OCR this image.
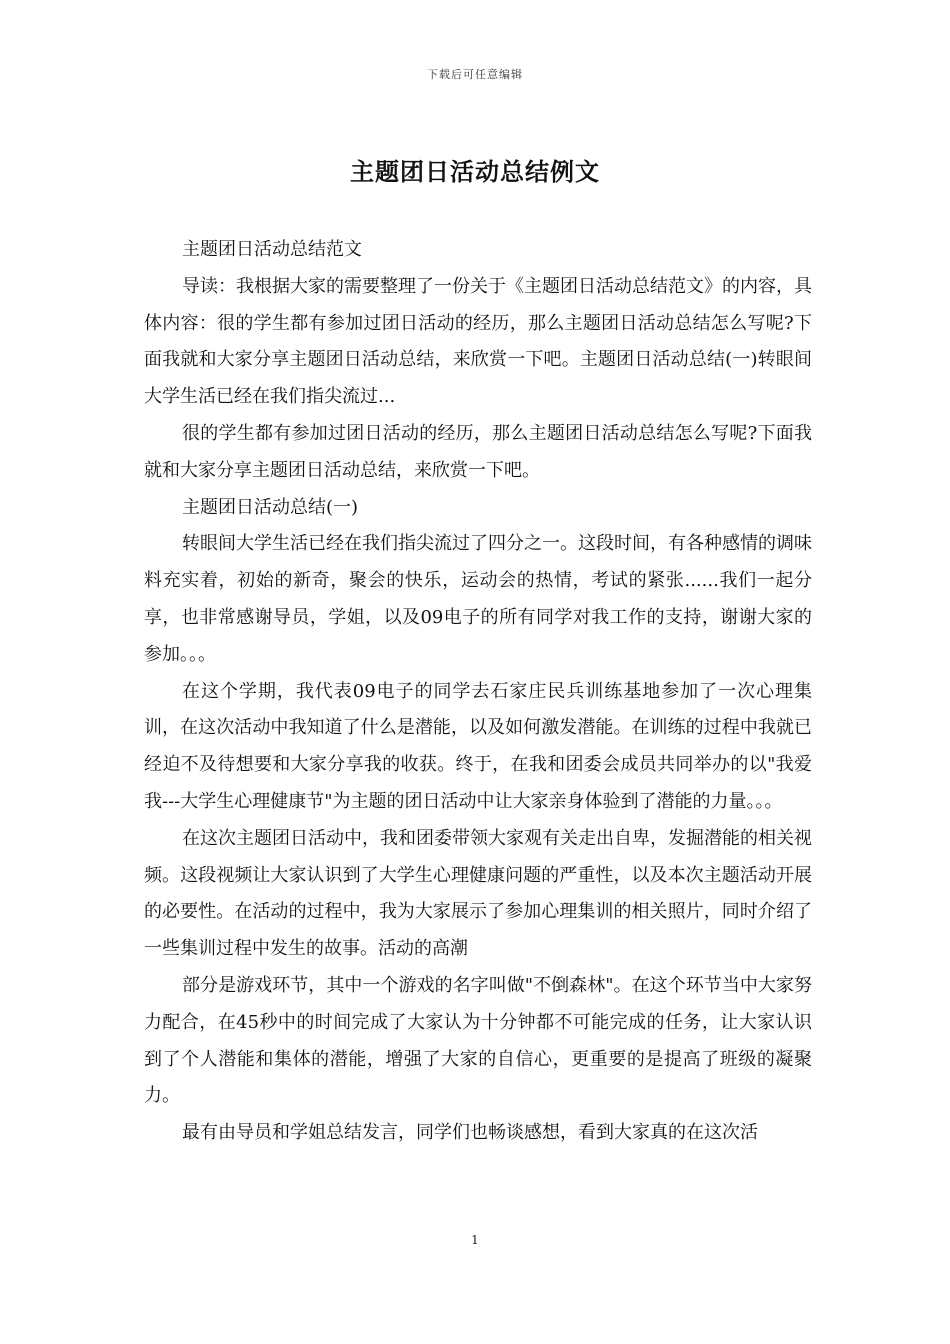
下载后可任意编辑
主题团日活动总结例文

主题团日活动总结范文

导读：我根据大家的需要整理了一份关于《主题团日活动总结范文》的内容，具体内容：很的学生都有参加过团日活动的经历，那么主题团日活动总结怎么写呢?下面我就和大家分享主题团日活动总结，来欣赏一下吧。主题团日活动总结(一)转眼间大学生活已经在我们指尖流过...

很的学生都有参加过团日活动的经历，那么主题团日活动总结怎么写呢?下面我就和大家分享主题团日活动总结，来欣赏一下吧。

主题团日活动总结(一)

转眼间大学生活已经在我们指尖流过了四分之一。这段时间，有各种感情的调味料充实着，初始的新奇，聚会的快乐，运动会的热情，考试的紧张......我们一起分享，也非常感谢导员，学姐，以及09电子的所有同学对我工作的支持，谢谢大家的参加。。。

在这个学期，我代表09电子的同学去石家庄民兵训练基地参加了一次心理集训，在这次活动中我知道了什么是潜能，以及如何激发潜能。在训练的过程中我就已经迫不及待想要和大家分享我的收获。终于，在我和团委会成员共同举办的以"我爱我---大学生心理健康节"为主题的团日活动中让大家亲身体验到了潜能的力量。。。

在这次主题团日活动中，我和团委带领大家观有关走出自卑，发掘潜能的相关视频。这段视频让大家认识到了大学生心理健康问题的严重性，以及本次主题活动开展的必要性。在活动的过程中，我为大家展示了参加心理集训的相关照片，同时介绍了一些集训过程中发生的故事。活动的高潮

部分是游戏环节，其中一个游戏的名字叫做"不倒森林"。在这个环节当中大家努力配合，在45秒中的时间完成了大家认为十分钟都不可能完成的任务，让大家认识到了个人潜能和集体的潜能，增强了大家的自信心，更重要的是提高了班级的凝聚力。

最有由导员和学姐总结发言，同学们也畅谈感想，看到大家真的在这次活

1
